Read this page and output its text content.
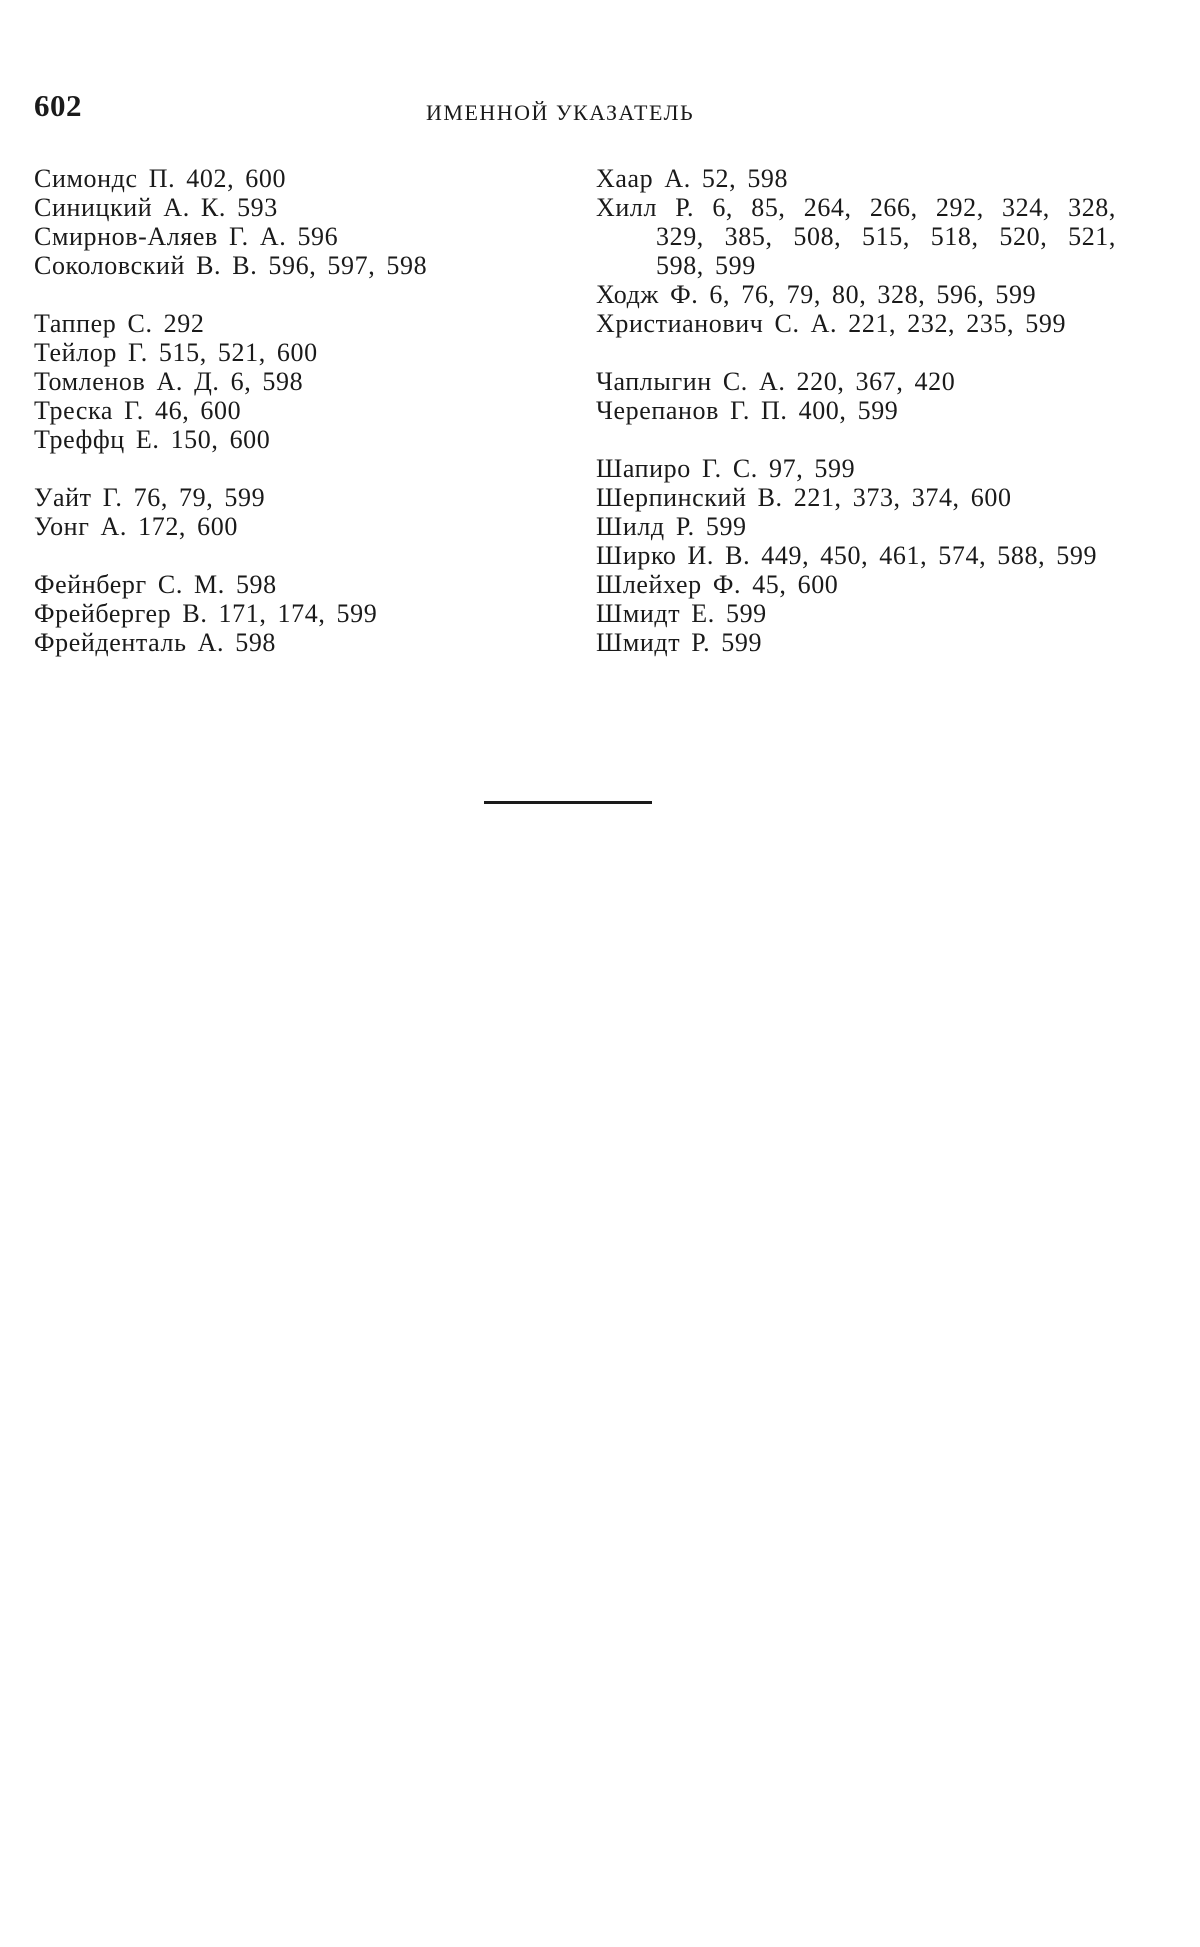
602	ИМЕННОЙ УКАЗАТЕЛЬ
Симондс П. 402, 600
Синицкий А. К. 593
Смирнов-Аляев Г. А. 596
Соколовский В. В. 596, 597, 598
Таппер С. 292
Тейлор Г. 515, 521, 600
Томленов А. Д. 6, 598
Треска Г. 46, 600
Треффц Е. 150, 600
Уайт Г. 76, 79, 599
Уонг А. 172, 600
Фейнберг С. М. 598
Фрейбергер В. 171, 174, 599
Фрейденталь А. 598
Хаар А. 52, 598
Хилл Р. 6, 85, 264, 266, 292, 324, 328, 329, 385, 508, 515, 518, 520, 521, 598, 599
Ходж Ф. 6, 76, 79, 80, 328, 596, 599
Христианович С. А. 221, 232, 235, 599
Чаплыгин С. А. 220, 367, 420
Черепанов Г. П. 400, 599
Шапиро Г. С. 97, 599
Шерпинский В. 221, 373, 374, 600
Шилд Р. 599
Ширко И. В. 449, 450, 461, 574, 588, 599
Шлейхер Ф. 45, 600
Шмидт Е. 599
Шмидт Р. 599
